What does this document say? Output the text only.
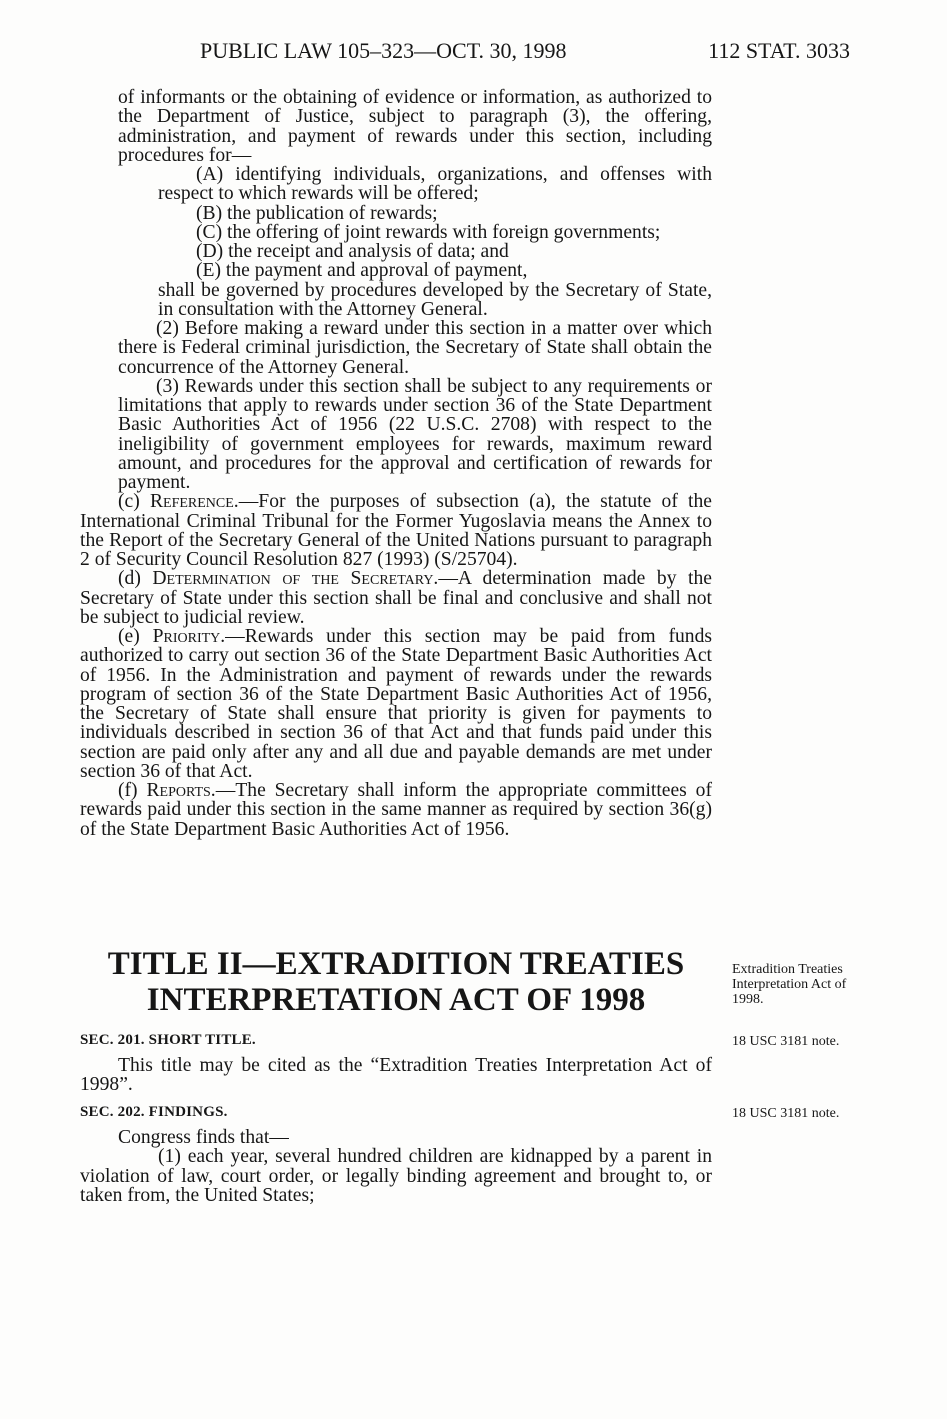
PUBLIC LAW 105–323—OCT. 30, 1998	112 STAT. 3033

of informants or the obtaining of evidence or information, as authorized to the Department of Justice, subject to paragraph (3), the offering, administration, and payment of rewards under this section, including procedures for—

(A) identifying individuals, organizations, and offenses with respect to which rewards will be offered;

(B) the publication of rewards;

(C) the offering of joint rewards with foreign governments;

(D) the receipt and analysis of data; and

(E) the payment and approval of payment,

shall be governed by procedures developed by the Secretary of State, in consultation with the Attorney General.

(2) Before making a reward under this section in a matter over which there is Federal criminal jurisdiction, the Secretary of State shall obtain the concurrence of the Attorney General.

(3) Rewards under this section shall be subject to any requirements or limitations that apply to rewards under section 36 of the State Department Basic Authorities Act of 1956 (22 U.S.C. 2708) with respect to the ineligibility of government employees for rewards, maximum reward amount, and procedures for the approval and certification of rewards for payment.

(c) Reference.—For the purposes of subsection (a), the statute of the International Criminal Tribunal for the Former Yugoslavia means the Annex to the Report of the Secretary General of the United Nations pursuant to paragraph 2 of Security Council Resolution 827 (1993) (S/25704).

(d) Determination of the Secretary.—A determination made by the Secretary of State under this section shall be final and conclusive and shall not be subject to judicial review.

(e) Priority.—Rewards under this section may be paid from funds authorized to carry out section 36 of the State Department Basic Authorities Act of 1956. In the Administration and payment of rewards under the rewards program of section 36 of the State Department Basic Authorities Act of 1956, the Secretary of State shall ensure that priority is given for payments to individuals described in section 36 of that Act and that funds paid under this section are paid only after any and all due and payable demands are met under section 36 of that Act.

(f) Reports.—The Secretary shall inform the appropriate committees of rewards paid under this section in the same manner as required by section 36(g) of the State Department Basic Authorities Act of 1956.

TITLE II—EXTRADITION TREATIES
INTERPRETATION ACT OF 1998
SEC. 201. SHORT TITLE.

This title may be cited as the “Extradition Treaties Interpretation Act of 1998”.

SEC. 202. FINDINGS.

Congress finds that—

(1) each year, several hundred children are kidnapped by a parent in violation of law, court order, or legally binding agreement and brought to, or taken from, the United States;

Extradition Treaties Interpretation Act of 1998.
18 USC 3181 note.
18 USC 3181 note.
